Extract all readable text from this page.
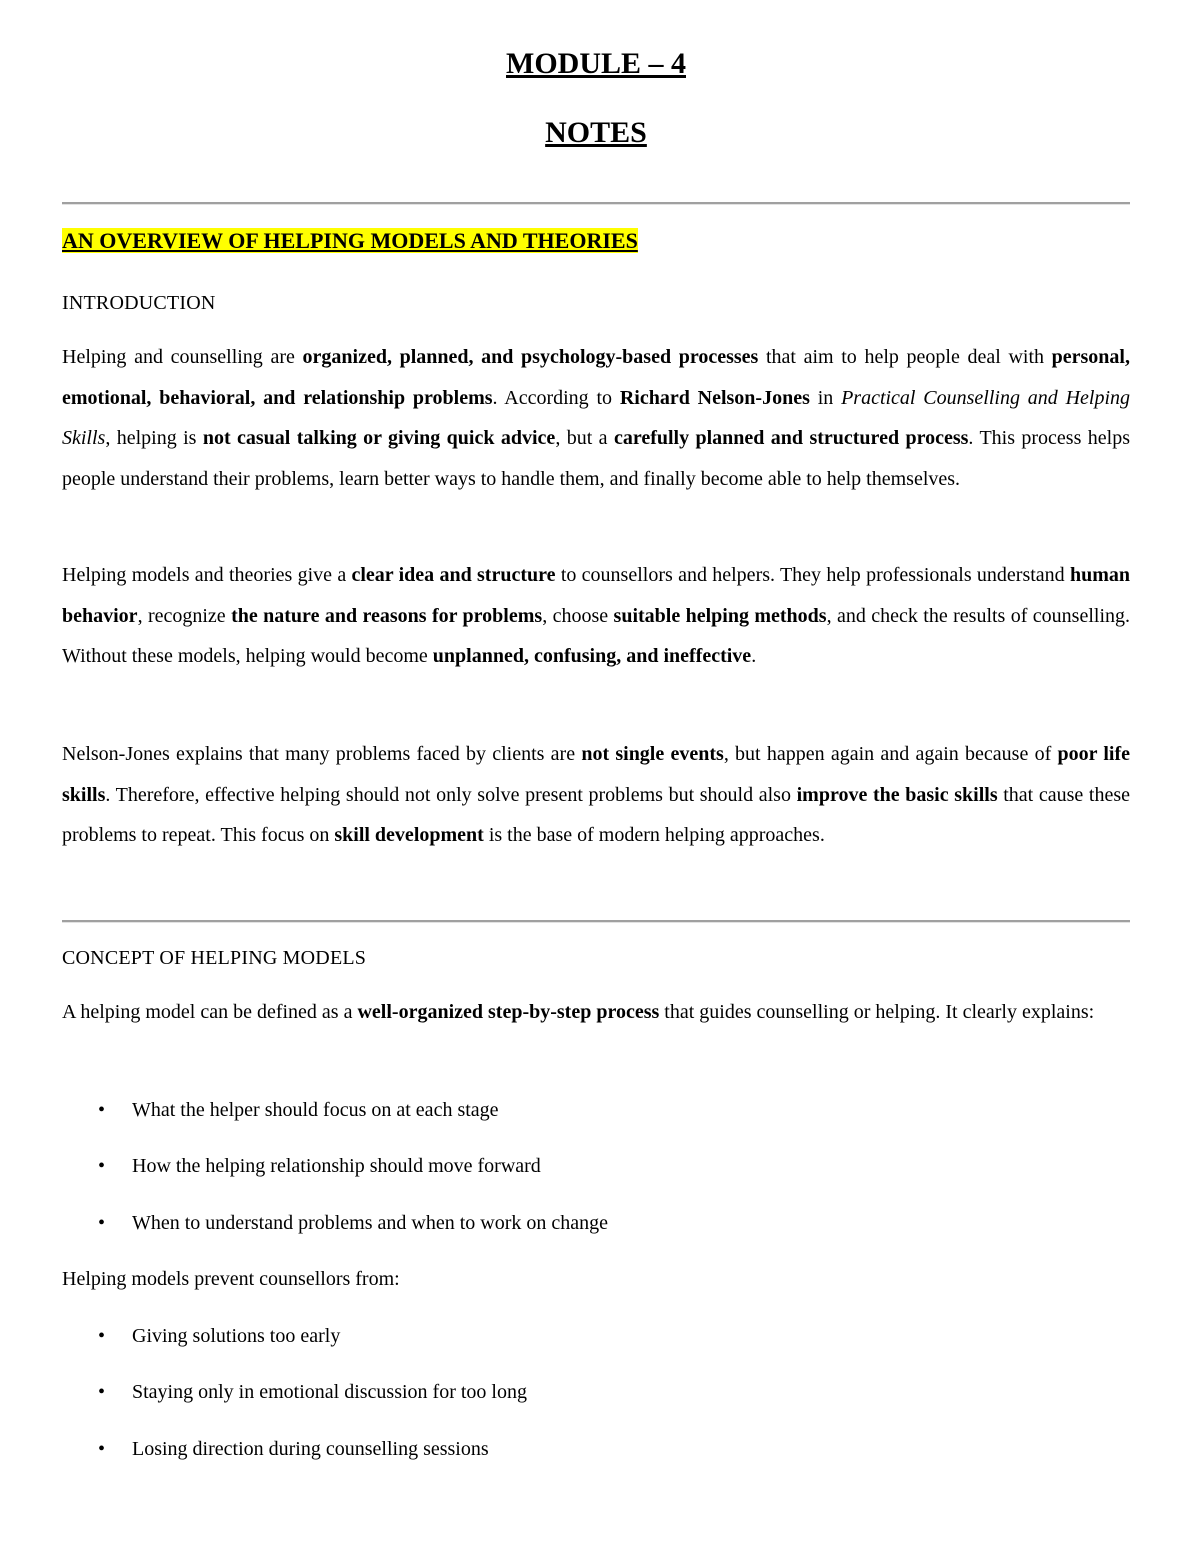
MODULE – 4
NOTES
AN OVERVIEW OF HELPING MODELS AND THEORIES

INTRODUCTION

Helping and counselling are organized, planned, and psychology-based processes that aim to help people deal with personal, emotional, behavioral, and relationship problems. According to Richard Nelson-Jones in Practical Counselling and Helping Skills, helping is not casual talking or giving quick advice, but a carefully planned and structured process. This process helps people understand their problems, learn better ways to handle them, and finally become able to help themselves.

Helping models and theories give a clear idea and structure to counsellors and helpers. They help professionals understand human behavior, recognize the nature and reasons for problems, choose suitable helping methods, and check the results of counselling. Without these models, helping would become unplanned, confusing, and ineffective.

Nelson-Jones explains that many problems faced by clients are not single events, but happen again and again because of poor life skills. Therefore, effective helping should not only solve present problems but should also improve the basic skills that cause these problems to repeat. This focus on skill development is the base of modern helping approaches.

CONCEPT OF HELPING MODELS

A helping model can be defined as a well-organized step-by-step process that guides counselling or helping. It clearly explains:

• What the helper should focus on at each stage
• How the helping relationship should move forward
• When to understand problems and when to work on change

Helping models prevent counsellors from:

• Giving solutions too early
• Staying only in emotional discussion for too long
• Losing direction during counselling sessions
